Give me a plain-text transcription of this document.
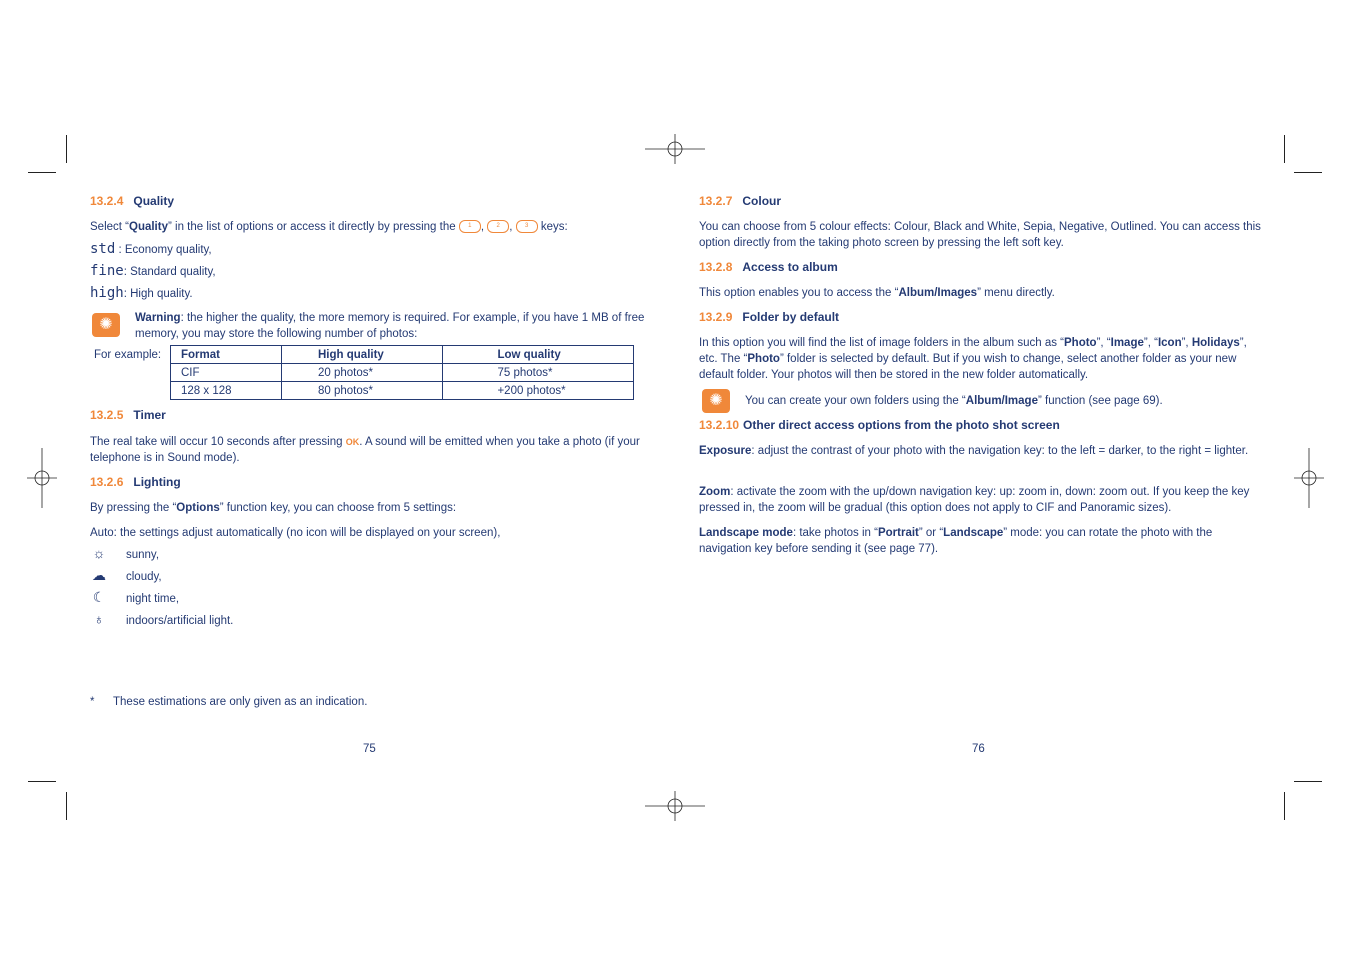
13.2.4 Quality
Select “Quality” in the list of options or access it directly by pressing the 1 , 2 , 3 keys:
std : Economy quality,
fine: Standard quality,
high: High quality.
✺	Warning: the higher the quality, the more memory is required. For example, if you have 1 MB of free memory, you may store the following number of photos:
For example: Format	High quality	Low quality
CIF	20 photos*	75 photos*
128 x 128	80 photos*	+200 photos*
13.2.5 Timer
The real take will occur 10 seconds after pressing OK. A sound will be emitted when you take a photo (if your telephone is in Sound mode).
13.2.6 Lighting
By pressing the “Options” function key, you can choose from 5 settings:
Auto: the settings adjust automatically (no icon will be displayed on your screen),
☼ sunny,
☁ cloudy,
☾ night time,
♁	indoors/artificial light.
* These estimations are only given as an indication.
75
13.2.7 Colour
You can choose from 5 colour effects: Colour, Black and White, Sepia, Negative, Outlined. You can access this option directly from the taking photo screen by pressing the left soft key.
13.2.8 Access to album
This option enables you to access the “Album/Images” menu directly.
13.2.9 Folder by default
In this option you will find the list of image folders in the album such as “Photo”, “Image”, “Icon”, Holidays”, etc. The “Photo” folder is selected by default. But if you wish to change, select another folder as your new default folder. Your photos will then be stored in the new folder automatically.
✺	You can create your own folders using the “Album/Image” function (see page 69).
13.2.10 Other direct access options from the photo shot screen
Exposure: adjust the contrast of your photo with the navigation key: to the left = darker, to the right = lighter.
Zoom: activate the zoom with the up/down navigation key: up: zoom in, down: zoom out. If you keep the key pressed in, the zoom will be gradual (this option does not apply to CIF and Panoramic sizes).
Landscape mode: take photos in “Portrait” or “Landscape” mode: you can rotate the photo with the navigation key before sending it (see page 77).
76
